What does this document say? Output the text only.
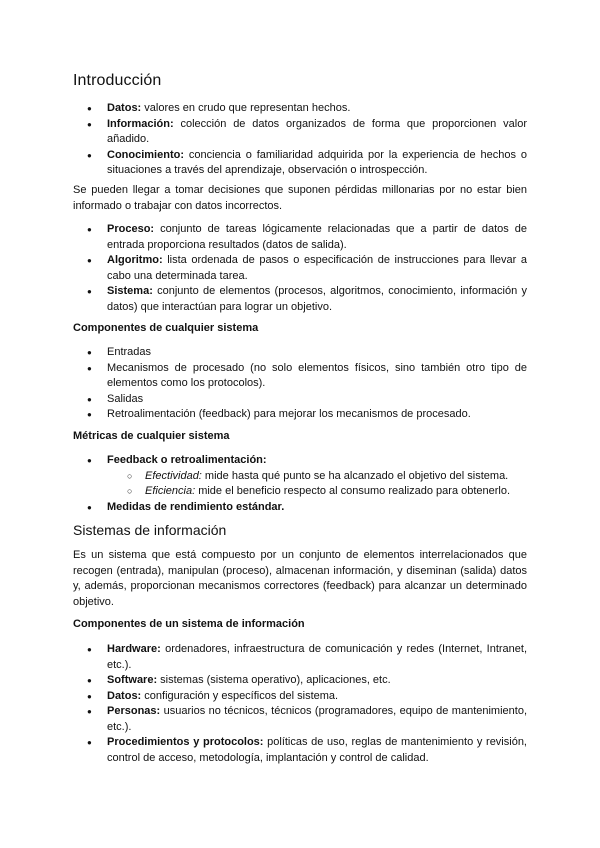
Introducción
● Datos: valores en crudo que representan hechos.
● Información: colección de datos organizados de forma que proporcionen valor añadido.
● Conocimiento: conciencia o familiaridad adquirida por la experiencia de hechos o situaciones a través del aprendizaje, observación o introspección.

Se pueden llegar a tomar decisiones que suponen pérdidas millonarias por no estar bien informado o trabajar con datos incorrectos.

● Proceso: conjunto de tareas lógicamente relacionadas que a partir de datos de entrada proporciona resultados (datos de salida).
● Algoritmo: lista ordenada de pasos o especificación de instrucciones para llevar a cabo una determinada tarea.
● Sistema: conjunto de elementos (procesos, algoritmos, conocimiento, información y datos) que interactúan para lograr un objetivo.
Componentes de cualquier sistema
● Entradas
● Mecanismos de procesado (no solo elementos físicos, sino también otro tipo de elementos como los protocolos).
● Salidas
● Retroalimentación (feedback) para mejorar los mecanismos de procesado.
Métricas de cualquier sistema
● Feedback o retroalimentación:
○ Efectividad: mide hasta qué punto se ha alcanzado el objetivo del sistema.
○ Eficiencia: mide el beneficio respecto al consumo realizado para obtenerlo.
● Medidas de rendimiento estándar.
Sistemas de información

Es un sistema que está compuesto por un conjunto de elementos interrelacionados que recogen (entrada), manipulan (proceso), almacenan información, y diseminan (salida) datos y, además, proporcionan mecanismos correctores (feedback) para alcanzar un determinado objetivo.

Componentes de un sistema de información
● Hardware: ordenadores, infraestructura de comunicación y redes (Internet, Intranet, etc.).
● Software: sistemas (sistema operativo), aplicaciones, etc.
● Datos: configuración y específicos del sistema.
● Personas: usuarios no técnicos, técnicos (programadores, equipo de mantenimiento, etc.).
● Procedimientos y protocolos: políticas de uso, reglas de mantenimiento y revisión, control de acceso, metodología, implantación y control de calidad.
